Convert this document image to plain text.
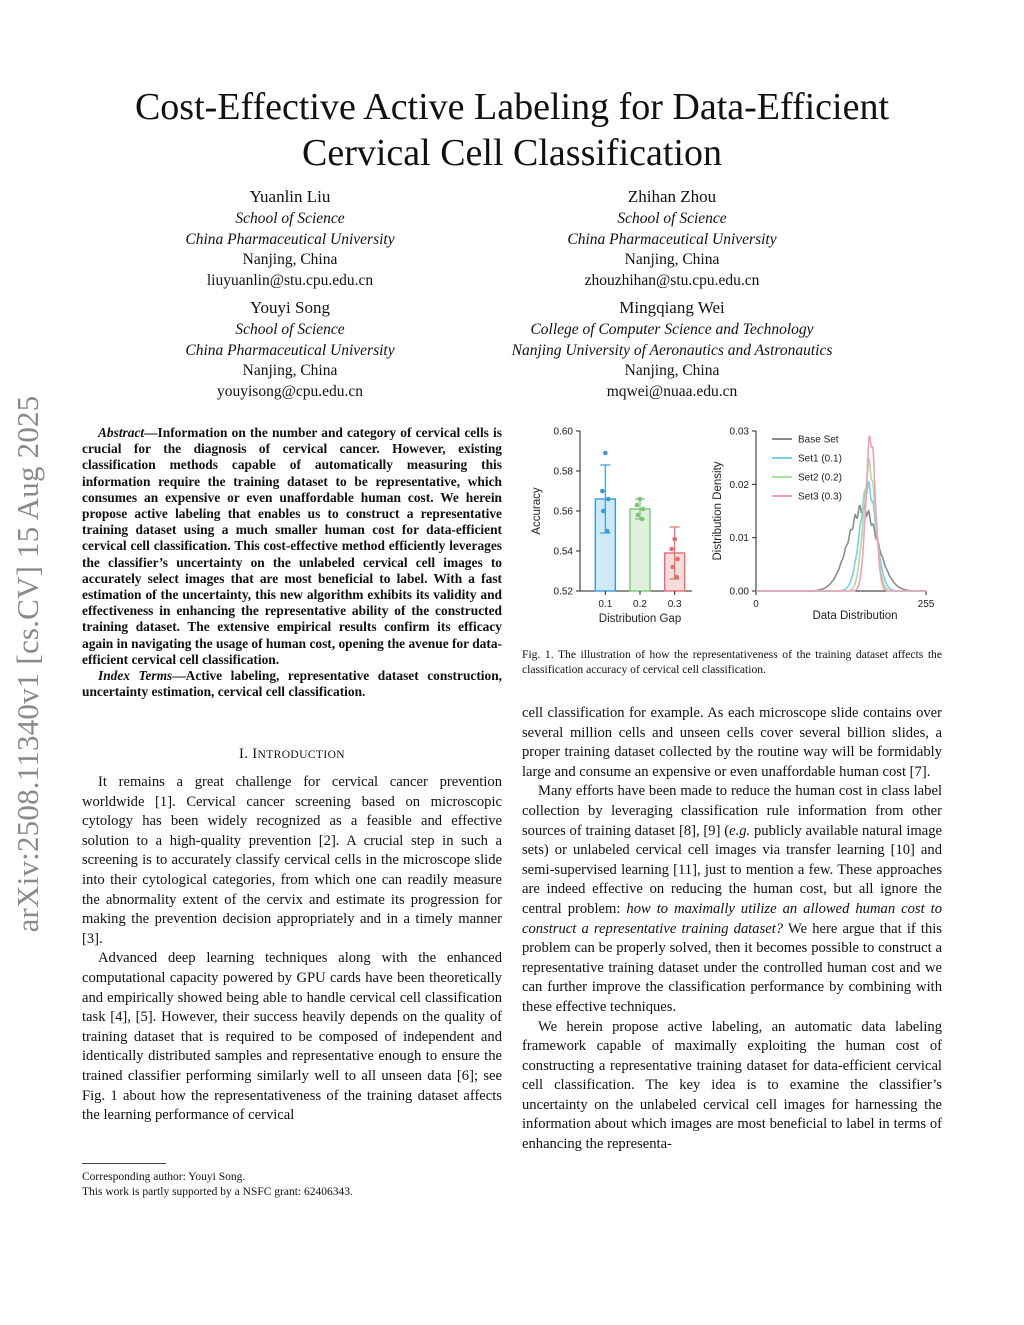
arXiv:2508.11340v1 [cs.CV] 15 Aug 2025
Cost-Effective Active Labeling for Data-Efficient
Cervical Cell Classification
Yuanlin Liu
School of Science
China Pharmaceutical University
Nanjing, China
liuyuanlin@stu.cpu.edu.cn
Zhihan Zhou
School of Science
China Pharmaceutical University
Nanjing, China
zhouzhihan@stu.cpu.edu.cn
Youyi Song
School of Science
China Pharmaceutical University
Nanjing, China
youyisong@cpu.edu.cn
Mingqiang Wei
College of Computer Science and Technology
Nanjing University of Aeronautics and Astronautics
Nanjing, China
mqwei@nuaa.edu.cn

Abstract—Information on the number and category of cervical cells is crucial for the diagnosis of cervical cancer. However, existing classification methods capable of automatically measuring this information require the training dataset to be representative, which consumes an expensive or even unaffordable human cost. We herein propose active labeling that enables us to construct a representative training dataset using a much smaller human cost for data-efficient cervical cell classification. This cost-effective method efficiently leverages the classifier’s uncertainty on the unlabeled cervical cell images to accurately select images that are most beneficial to label. With a fast estimation of the uncertainty, this new algorithm exhibits its validity and effectiveness in enhancing the representative ability of the constructed training dataset. The extensive empirical results confirm its efficacy again in navigating the usage of human cost, opening the avenue for data-efficient cervical cell classification.

Index Terms—Active labeling, representative dataset construction, uncertainty estimation, cervical cell classification.

I. INTRODUCTION

It remains a great challenge for cervical cancer prevention worldwide [1]. Cervical cancer screening based on microscopic cytology has been widely recognized as a feasible and effective solution to a high-quality prevention [2]. A crucial step in such a screening is to accurately classify cervical cells in the microscope slide into their cytological categories, from which one can readily measure the abnormality extent of the cervix and estimate its progression for making the prevention decision appropriately and in a timely manner [3].

Advanced deep learning techniques along with the enhanced computational capacity powered by GPU cards have been theoretically and empirically showed being able to handle cervical cell classification task [4], [5]. However, their success heavily depends on the quality of training dataset that is required to be composed of independent and identically distributed samples and representative enough to ensure the trained classifier performing similarly well to all unseen data [6]; see Fig. 1 about how the representativeness of the training dataset affects the learning performance of cervical

Corresponding author: Youyi Song.
This work is partly supported by a NSFC grant: 62406343.
0.52
0.54
0.56
0.58
0.60
0.1 0.2 0.3
Distribution Gap
Accuracy
0.00
0.01
0.02
0.03
0	255
Base Set
Set1 (0.1)
Set2 (0.2)
Set3 (0.3)
Data Distribution
Distribution Density
Fig. 1. The illustration of how the representativeness of the training dataset affects the classification accuracy of cervical cell classification.

cell classification for example. As each microscope slide contains over several million cells and unseen cells cover several billion slides, a proper training dataset collected by the routine way will be formidably large and consume an expensive or even unaffordable human cost [7].

Many efforts have been made to reduce the human cost in class label collection by leveraging classification rule information from other sources of training dataset [8], [9] (e.g. publicly available natural image sets) or unlabeled cervical cell images via transfer learning [10] and semi-supervised learning [11], just to mention a few. These approaches are indeed effective on reducing the human cost, but all ignore the central problem: how to maximally utilize an allowed human cost to construct a representative training dataset? We here argue that if this problem can be properly solved, then it becomes possible to construct a representative training dataset under the controlled human cost and we can further improve the classification performance by combining with these effective techniques.

We herein propose active labeling, an automatic data labeling framework capable of maximally exploiting the human cost of constructing a representative training dataset for data-efficient cervical cell classification. The key idea is to examine the classifier’s uncertainty on the unlabeled cervical cell images for harnessing the information about which images are most beneficial to label in terms of enhancing the representa-
